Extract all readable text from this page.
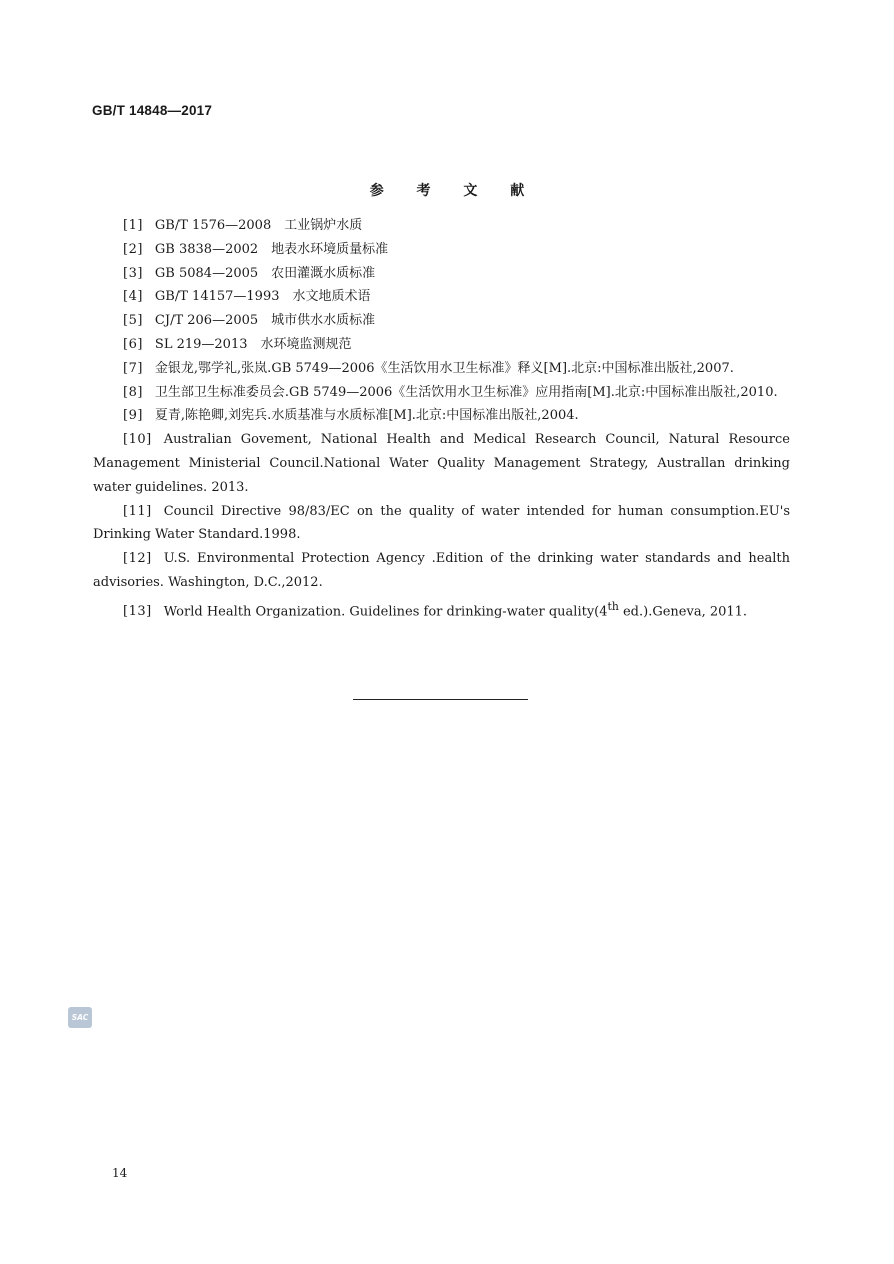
GB/T 14848—2017
参 考 文 献
[1] GB/T 1576—2008　工业锅炉水质
[2] GB 3838—2002　地表水环境质量标准
[3] GB 5084—2005　农田灌溉水质标准
[4] GB/T 14157—1993　水文地质术语
[5] CJ/T 206—2005　城市供水水质标准
[6] SL 219—2013　水环境监测规范
[7] 金银龙,鄂学礼,张岚.GB 5749—2006《生活饮用水卫生标准》释义[M].北京:中国标准出版社,2007.
[8] 卫生部卫生标准委员会.GB 5749—2006《生活饮用水卫生标准》应用指南[M].北京:中国标准出版社,2010.
[9] 夏青,陈艳卿,刘宪兵.水质基准与水质标准[M].北京:中国标准出版社,2004.
[10] Australian Govement, National Health and Medical Research Council, Natural Resource Management Ministerial Council.National Water Quality Management Strategy, Australlan drinking water guidelines. 2013.
[11] Council Directive 98/83/EC on the quality of water intended for human consumption.EU's Drinking Water Standard.1998.
[12] U.S. Environmental Protection Agency .Edition of the drinking water standards and health advisories. Washington, D.C.,2012.
[13] World Health Organization. Guidelines for drinking-water quality(4th ed.).Geneva, 2011.
SAC
14
